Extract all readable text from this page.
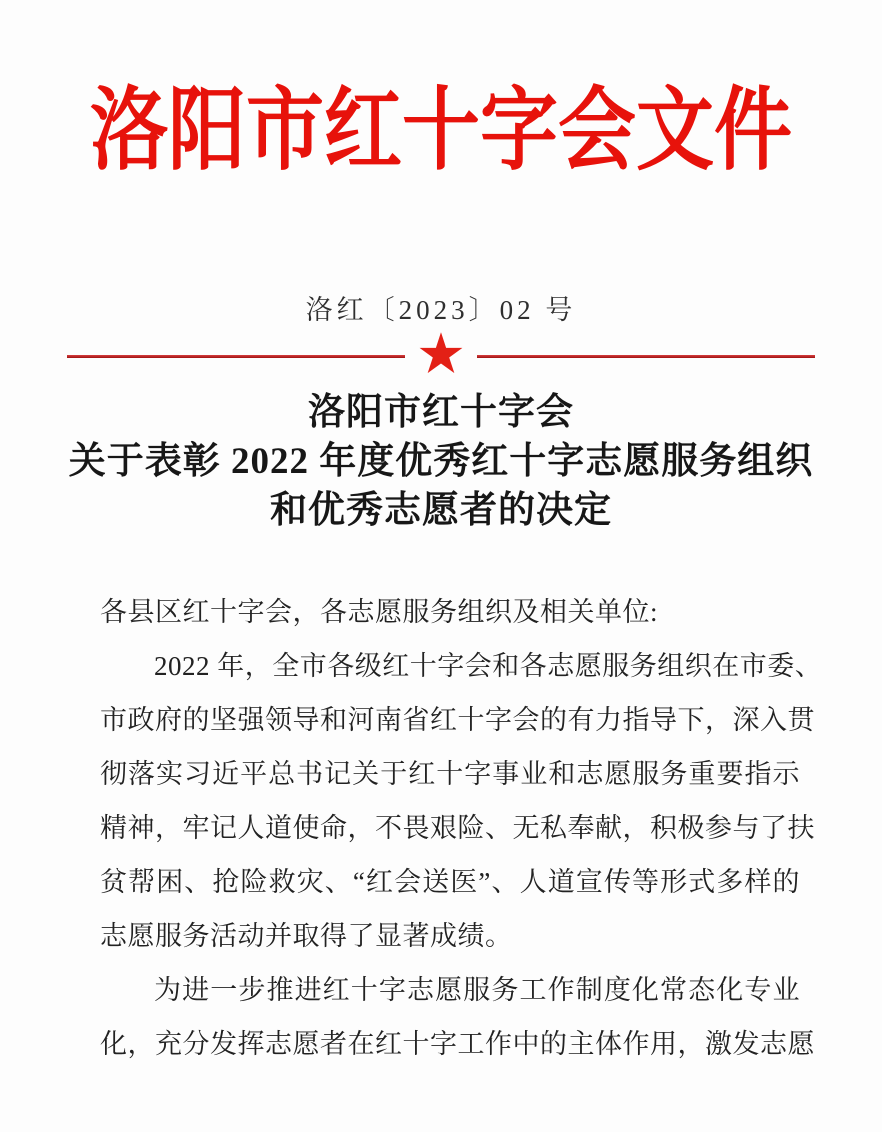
洛阳市红十字会文件
洛红〔2023〕02 号
★
洛阳市红十字会
关于表彰 2022 年度优秀红十字志愿服务组织
和优秀志愿者的决定
各县区红十字会，各志愿服务组织及相关单位:
2022 年，全市各级红十字会和各志愿服务组织在市委、
市政府的坚强领导和河南省红十字会的有力指导下，深入贯
彻落实习近平总书记关于红十字事业和志愿服务重要指示
精神，牢记人道使命，不畏艰险、无私奉献，积极参与了扶
贫帮困、抢险救灾、“红会送医”、人道宣传等形式多样的
志愿服务活动并取得了显著成绩。
为进一步推进红十字志愿服务工作制度化常态化专业
化，充分发挥志愿者在红十字工作中的主体作用，激发志愿
